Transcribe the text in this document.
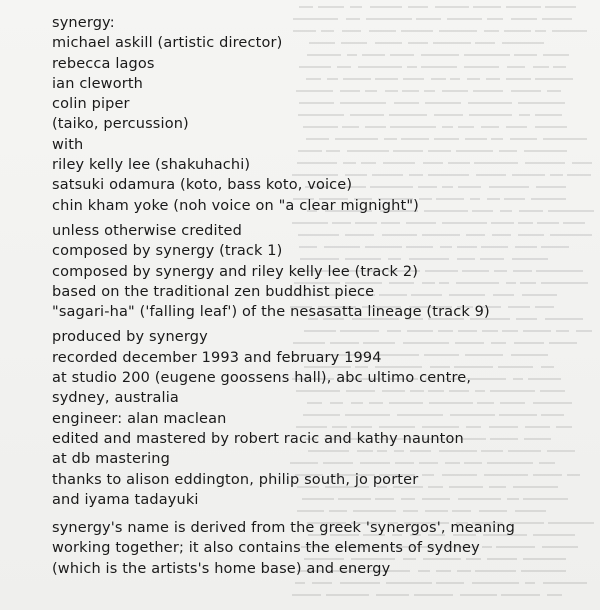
synergy:
michael askill (artistic director)
rebecca lagos
ian cleworth
colin piper
(taiko, percussion)
with
riley kelly lee (shakuhachi)
satsuki odamura (koto, bass koto, voice)
chin kham yoke (noh voice on "a clear mignight")
unless otherwise credited
composed by synergy (track 1)
composed by synergy and riley kelly lee (track 2)
based on the traditional zen buddhist piece
"sagari-ha" ('falling leaf') of the nesasatta lineage (track 9)
produced by synergy
recorded december 1993 and february 1994
at studio 200 (eugene goossens hall), abc ultimo centre,
sydney, australia
engineer: alan maclean
edited and mastered by robert racic and kathy naunton
at db mastering
thanks to alison eddington, philip south, jo porter
and iyama tadayuki
synergy's name is derived from the greek 'synergos', meaning
working together; it also contains the elements of sydney
(which is the artists's home base) and energy
